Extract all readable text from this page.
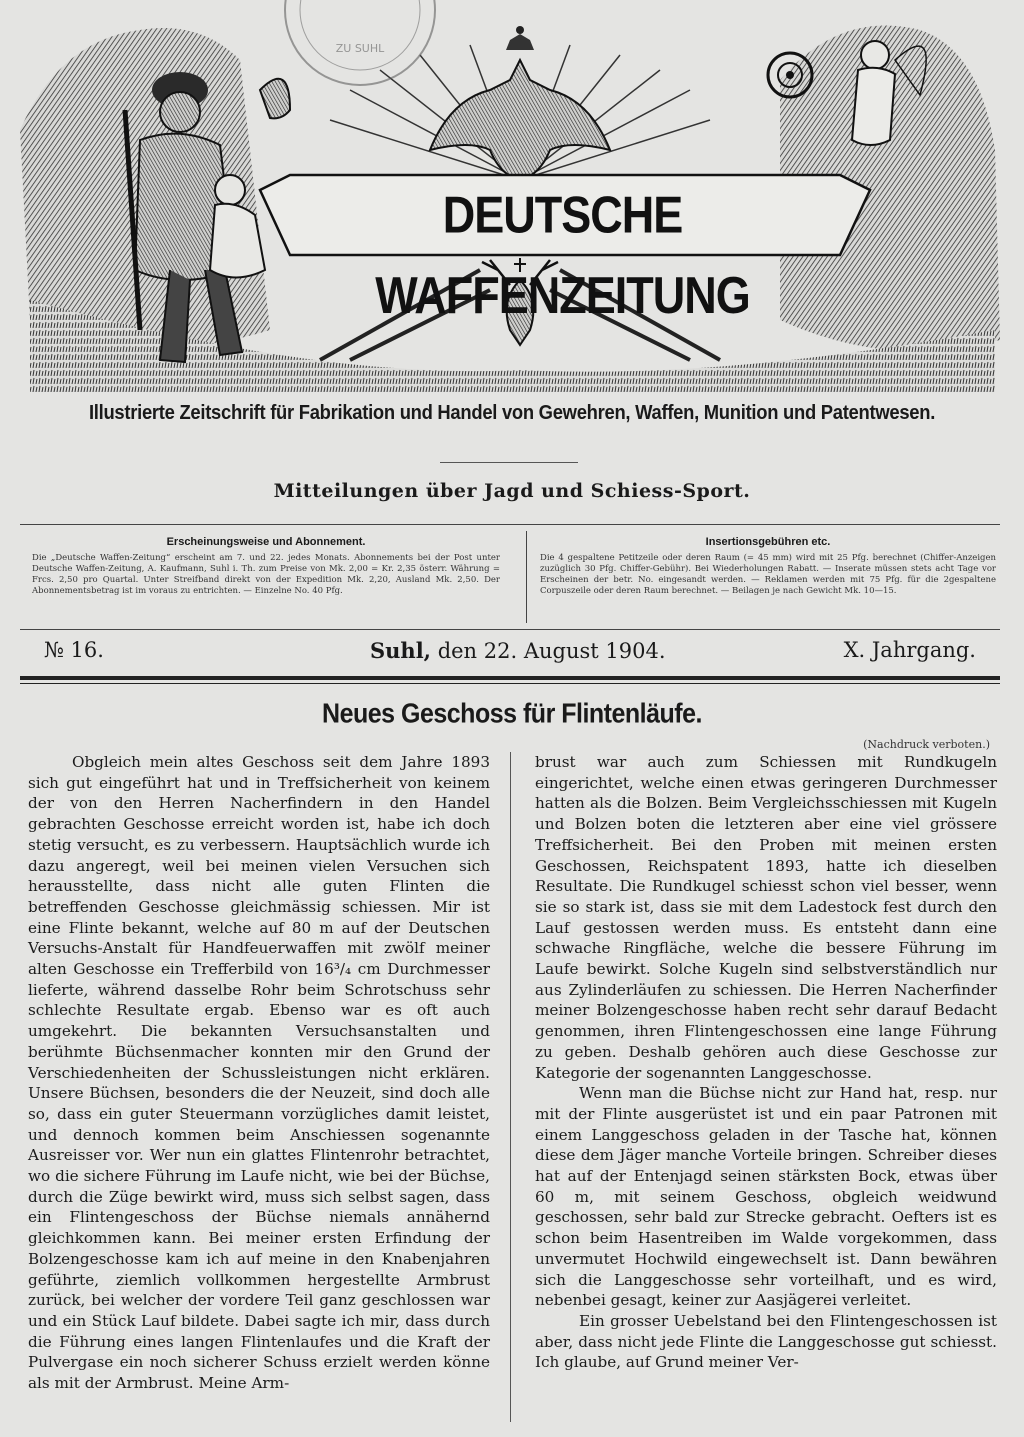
ZU SUHL
DEUTSCHE WAFFENZEITUNG
Illustrierte Zeitschrift für Fabrikation und Handel von Gewehren, Waffen, Munition und Patentwesen.
Mitteilungen über Jagd und Schiess-Sport.
Erscheinungsweise und Abonnement.

Die „Deutsche Waffen-Zeitung“ erscheint am 7. und 22. jedes Monats. Abonnements bei der Post unter Deutsche Waffen-Zeitung, A. Kaufmann, Suhl i. Th. zum Preise von Mk. 2,00 = Kr. 2,35 österr. Währung = Frcs. 2,50 pro Quartal. Unter Streifband direkt von der Expedition Mk. 2,20, Ausland Mk. 2,50. Der Abonnementsbetrag ist im voraus zu entrichten. — Einzelne No. 40 Pfg.

Insertionsgebühren etc.

Die 4 gespaltene Petitzeile oder deren Raum (= 45 mm) wird mit 25 Pfg. berechnet (Chiffer-Anzeigen zuzüglich 30 Pfg. Chiffer-Gebühr). Bei Wiederholungen Rabatt. — Inserate müssen stets acht Tage vor Erscheinen der betr. No. eingesandt werden. — Reklamen werden mit 75 Pfg. für die 2gespaltene Corpuszeile oder deren Raum berechnet. — Beilagen je nach Gewicht Mk. 10—15.

№ 16.	Suhl, den 22. August 1904.	X. Jahrgang.
Neues Geschoss für Flintenläufe.
(Nachdruck verboten.)

Obgleich mein altes Geschoss seit dem Jahre 1893 sich gut eingeführt hat und in Treffsicherheit von keinem der von den Herren Nacherfindern in den Handel gebrachten Geschosse erreicht worden ist, habe ich doch stetig versucht, es zu verbessern. Hauptsächlich wurde ich dazu angeregt, weil bei meinen vielen Versuchen sich herausstellte, dass nicht alle guten Flinten die betreffenden Geschosse gleichmässig schiessen. Mir ist eine Flinte bekannt, welche auf 80 m auf der Deutschen Versuchs-Anstalt für Handfeuerwaffen mit zwölf meiner alten Geschosse ein Trefferbild von 16³/₄ cm Durchmesser lieferte, während dasselbe Rohr beim Schrotschuss sehr schlechte Resultate ergab. Ebenso war es oft auch umgekehrt. Die bekannten Versuchsanstalten und berühmte Büchsenmacher konnten mir den Grund der Verschiedenheiten der Schussleistungen nicht erklären. Unsere Büchsen, besonders die der Neuzeit, sind doch alle so, dass ein guter Steuermann vorzügliches damit leistet, und dennoch kommen beim Anschiessen sogenannte Ausreisser vor. Wer nun ein glattes Flintenrohr betrachtet, wo die sichere Führung im Laufe nicht, wie bei der Büchse, durch die Züge bewirkt wird, muss sich selbst sagen, dass ein Flintengeschoss der Büchse niemals annähernd gleichkommen kann. Bei meiner ersten Erfindung der Bolzengeschosse kam ich auf meine in den Knabenjahren geführte, ziemlich vollkommen hergestellte Armbrust zurück, bei welcher der vordere Teil ganz geschlossen war und ein Stück Lauf bildete. Dabei sagte ich mir, dass durch die Führung eines langen Flintenlaufes und die Kraft der Pulvergase ein noch sicherer Schuss erzielt werden könne als mit der Armbrust. Meine Arm-

brust war auch zum Schiessen mit Rundkugeln eingerichtet, welche einen etwas geringeren Durchmesser hatten als die Bolzen. Beim Vergleichsschiessen mit Kugeln und Bolzen boten die letzteren aber eine viel grössere Treffsicherheit. Bei den Proben mit meinen ersten Geschossen, Reichspatent 1893, hatte ich dieselben Resultate. Die Rundkugel schiesst schon viel besser, wenn sie so stark ist, dass sie mit dem Ladestock fest durch den Lauf gestossen werden muss. Es entsteht dann eine schwache Ringfläche, welche die bessere Führung im Laufe bewirkt. Solche Kugeln sind selbstverständlich nur aus Zylinderläufen zu schiessen. Die Herren Nacherfinder meiner Bolzengeschosse haben recht sehr darauf Bedacht genommen, ihren Flintengeschossen eine lange Führung zu geben. Deshalb gehören auch diese Geschosse zur Kategorie der sogenannten Langgeschosse.

Wenn man die Büchse nicht zur Hand hat, resp. nur mit der Flinte ausgerüstet ist und ein paar Patronen mit einem Langgeschoss geladen in der Tasche hat, können diese dem Jäger manche Vorteile bringen. Schreiber dieses hat auf der Entenjagd seinen stärksten Bock, etwas über 60 m, mit seinem Geschoss, obgleich weidwund geschossen, sehr bald zur Strecke gebracht. Oefters ist es schon beim Hasentreiben im Walde vorgekommen, dass unvermutet Hochwild eingewechselt ist. Dann bewähren sich die Langgeschosse sehr vorteilhaft, und es wird, nebenbei gesagt, keiner zur Aasjägerei verleitet.

Ein grosser Uebelstand bei den Flintengeschossen ist aber, dass nicht jede Flinte die Langgeschosse gut schiesst. Ich glaube, auf Grund meiner Ver-
